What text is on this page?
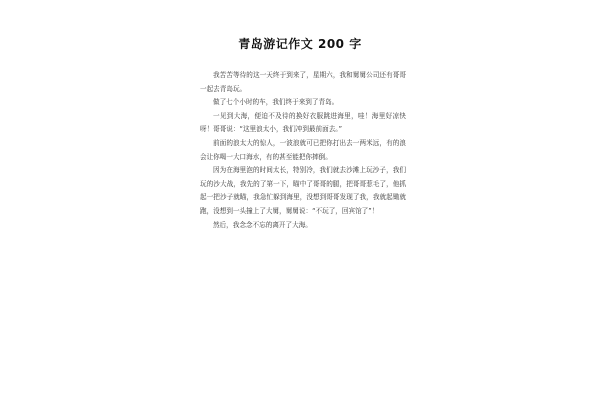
青岛游记作文 200 字

我苦苦等待的这一天终于到来了，星期六，我和舅舅公司还有哥哥一起去青岛玩。

做了七个小时的车，我们终于来到了青岛。

一见到大海，便迫不及待的换好衣服跳进海里，哇！海里好凉快呀！哥哥说：“这里浪太小，我们冲到最前面去。”

前面的浪太大的惊人，一波浪就可已把你打出去一两米远，有的浪会让你喝一大口海水，有的甚至能把你摔倒。

因为在海里泡的时间太长，特别冷，我们就去沙滩上玩沙子，我们玩的沙大战，我先的了第一下，瞄中了哥哥的腿，把哥哥惹毛了，他抓起一把沙子就瞄，我急忙躲到海里，没想到哥哥发现了我，我就起锄就跑，没想到一头撞上了大舅，舅舅说：“不玩了，回宾馆了”！

然后，我念念不忘的离开了大海。
